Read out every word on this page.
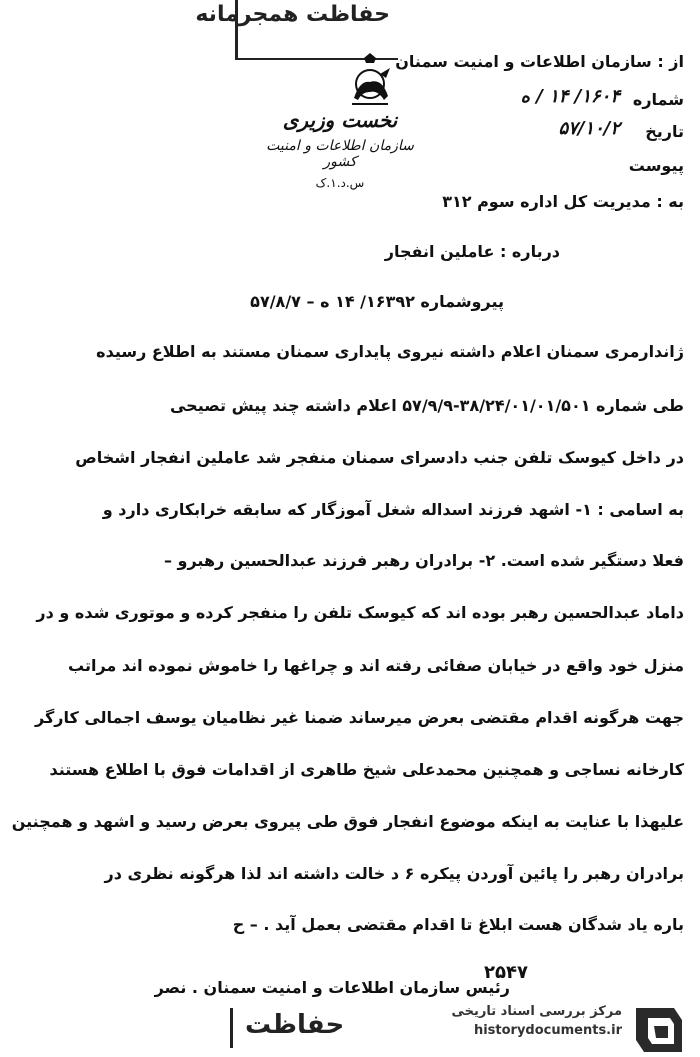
حفاظت همجرمانه
نخست وزیری
سازمان اطلاعات و امنیت کشور
س.د.۱.ک
از : سازمان اطلاعات و امنیت سمنان
شماره
۱۶۰۴/ ۱۴ / ه
تاریخ
۵۷/۱۰/۲
پیوست
به : مدیریت کل اداره سوم ۳۱۲
درباره : عاملین انفجار
پیروشماره ۱۶۳۹۲/ ۱۴ ه – ۵۷/۸/۷
ژاندارمری سمنان اعلام داشته نیروی پایداری سمنان مستند به اطلاع رسیده
طی شماره ۳۸/۲۴/۰۱/۰۱/۵۰۱-۵۷/۹/۹ اعلام داشته چند پیش تصیحی
در داخل کیوسک تلفن جنب دادسرای سمنان منفجر شد عاملین انفجار اشخاص
به اسامی : ۱- اشهد فرزند اسداله شغل آموزگار که سابقه خرابکاری دارد و
فعلا دستگیر شده است. ۲- برادران رهبر فرزند عبدالحسین رهبرو –
داماد عبدالحسین رهبر بوده اند که کیوسک تلفن را منفجر کرده و موتوری شده و در
منزل خود واقع در خیابان صفائی رفته اند و چراغها را خاموش نموده اند مراتب
جهت هرگونه اقدام مقتضی بعرض میرساند ضمنا غیر نظامیان یوسف اجمالی کارگر
کارخانه نساجی و همچنین محمدعلی شیخ طاهری از اقدامات فوق با اطلاع هستند
علیهذا با عنایت به اینکه موضوع انفجار فوق طی پیروی بعرض رسید و اشهد و همچنین
برادران رهبر را پائین آوردن پیکره ۶ د خالت داشته اند لذا هرگونه نظری در
باره یاد شدگان هست ابلاغ تا اقدام مقتضی بعمل آید . – ح
۲۵۴۷
رئیس سازمان اطلاعات و امنیت سمنان . نصر
حفاظت	مرکز بررسی اسناد تاریخی
historydocuments.ir
